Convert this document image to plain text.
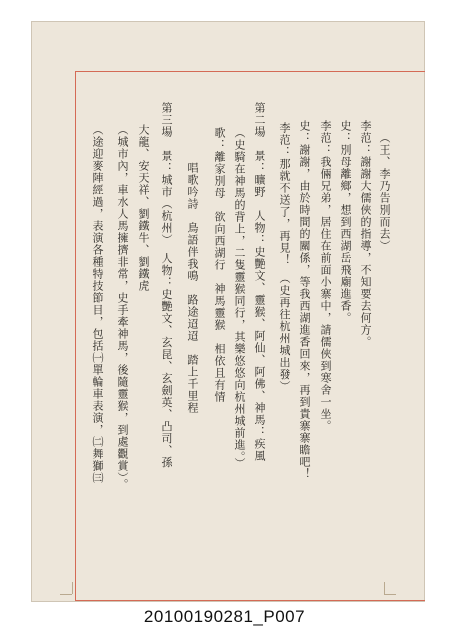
（王、李乃告別而去）
李范：謝謝大儒俠的指導，不知要去何方。
史：別母離鄉，想到西湖岳飛廟進香。
李范：我倆兄弟，居住在前面小寨中，請儒俠到寒舍一坐。
史：謝謝，由於時間的關係，等我西湖進香回來，再到貴寨寨瞻吧！
李范：那就不送了，再見！　（史再往杭州城出發）
第二場　景：曠野　人物：史艷文、靈猴、阿仙、阿佛、神馬：疾風
（史騎在神馬的背上，二隻靈猴同行，其樂悠悠向杭州城前進。）
歌：離家別母　欲向西湖行　神馬靈猴　相依且有情
唱歌吟詩　鳥語伴我鳴　路途迢迢　踏上千里程
第三場　景：城市（杭州）　人物：史艷文、玄昆、玄劍英、凸司、孫
大龍、安天祥、劉鐵牛、劉鐵虎
（城市內，車水人馬擁擠非常，史手牽神馬，後隨靈猴，到處觀賞）。
（途迎麥陣經過，表演各種特技節目，包括㈠單輪車表演，㈡舞獅㈢
20100190281_P007
